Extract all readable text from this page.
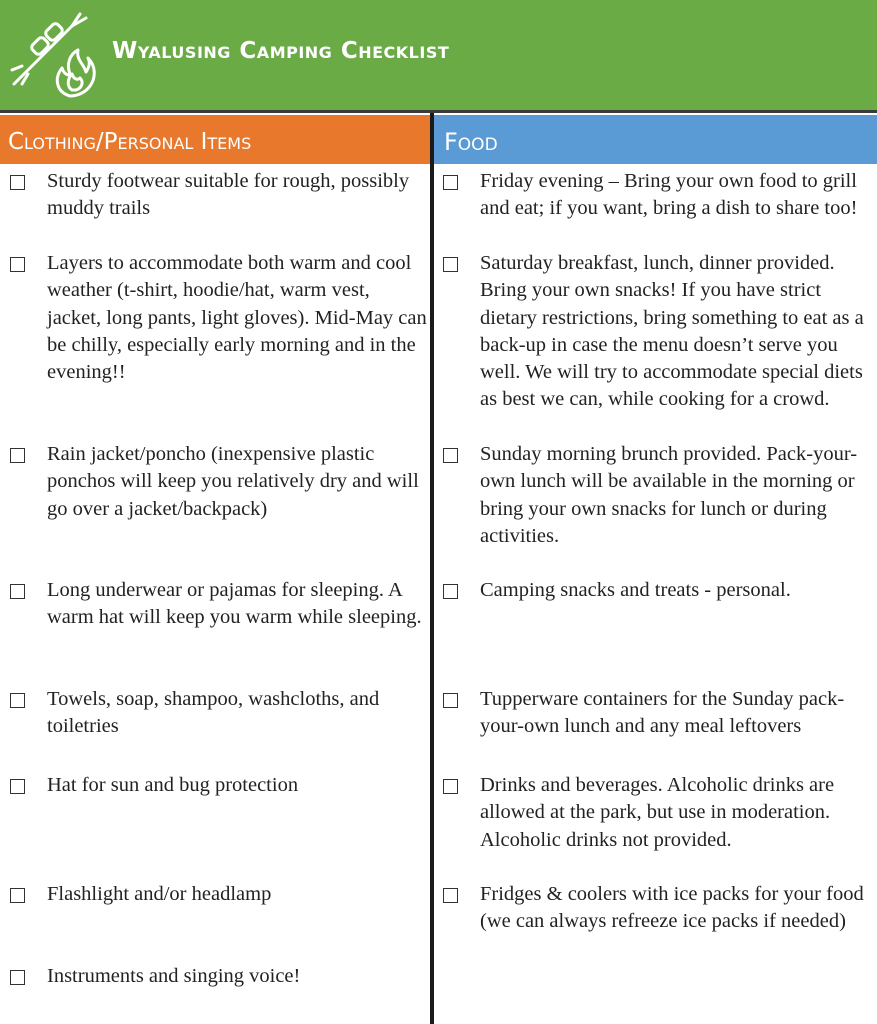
Wyalusing Camping Checklist
Clothing/Personal Items	Food
Sturdy footwear suitable for rough, possibly muddy trails
Layers to accommodate both warm and cool weather (t-shirt, hoodie/hat, warm vest, jacket, long pants, light gloves). Mid-May can be chilly, especially early morning and in the evening!!
Rain jacket/poncho (inexpensive plastic ponchos will keep you relatively dry and will go over a jacket/backpack)
Long underwear or pajamas for sleeping. A warm hat will keep you warm while sleeping.
Towels, soap, shampoo, washcloths, and toiletries
Hat for sun and bug protection
Flashlight and/or headlamp
Instruments and singing voice!
Friday evening – Bring your own food to grill and eat; if you want, bring a dish to share too!
Saturday breakfast, lunch, dinner provided. Bring your own snacks! If you have strict dietary restrictions, bring something to eat as a back-up in case the menu doesn’t serve you well. We will try to accommodate special diets as best we can, while cooking for a crowd.
Sunday morning brunch provided. Pack-your-own lunch will be available in the morning or bring your own snacks for lunch or during activities.
Camping snacks and treats - personal.
Tupperware containers for the Sunday pack-your-own lunch and any meal leftovers
Drinks and beverages. Alcoholic drinks are allowed at the park, but use in moderation. Alcoholic drinks not provided.
Fridges & coolers with ice packs for your food (we can always refreeze ice packs if needed)
